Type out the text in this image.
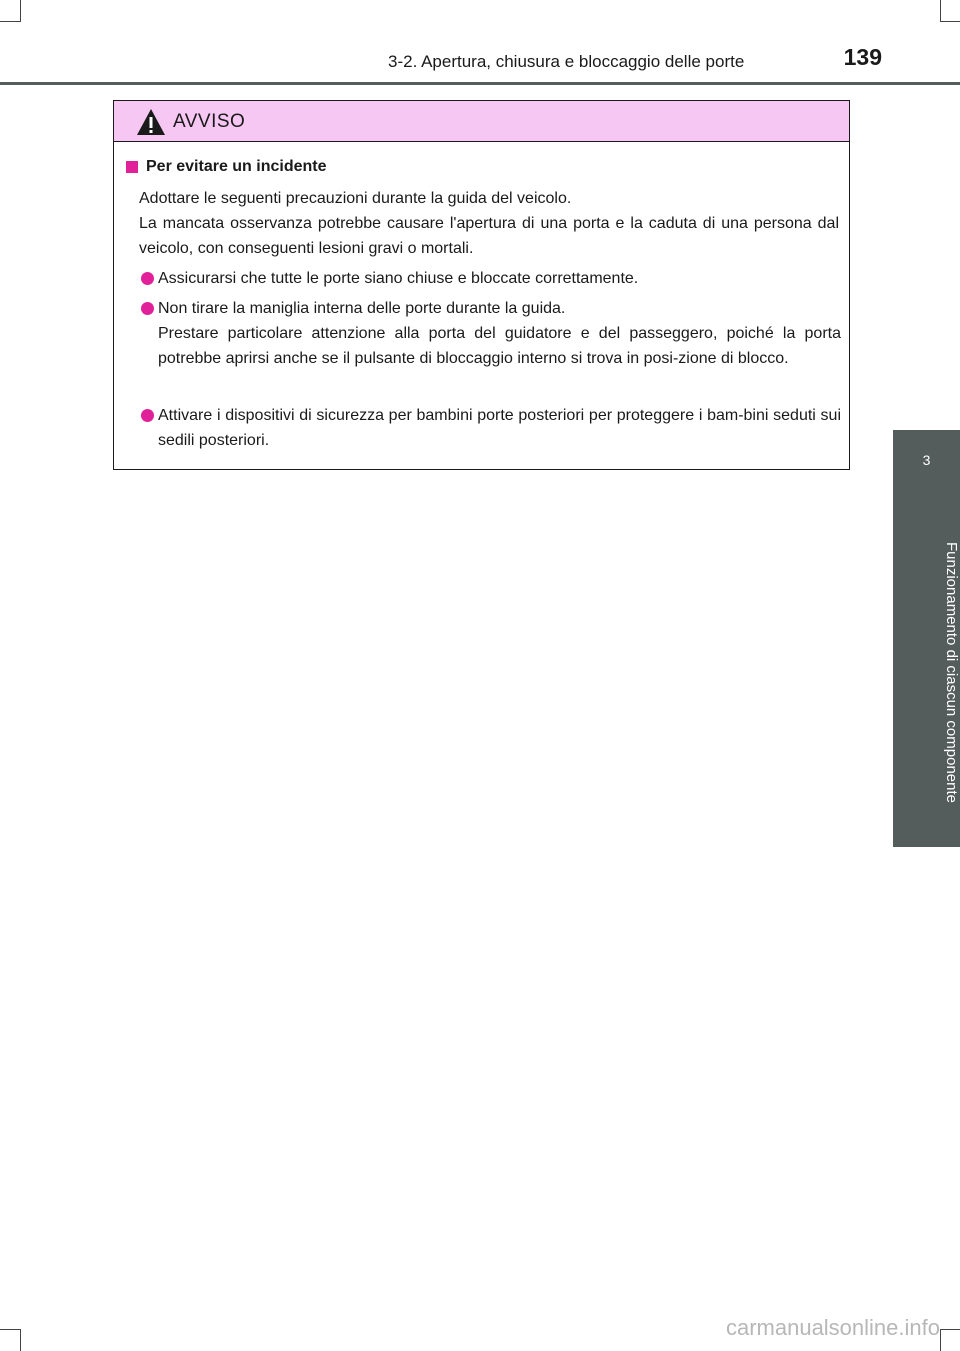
3-2. Apertura, chiusura e bloccaggio delle porte	139
3
Funzionamento di ciascun componente
AVVISO
Per evitare un incidente
Adottare le seguenti precauzioni durante la guida del veicolo.
La mancata osservanza potrebbe causare l'apertura di una porta e la caduta di una persona dal veicolo, con conseguenti lesioni gravi o mortali.
Assicurarsi che tutte le porte siano chiuse e bloccate correttamente.
Non tirare la maniglia interna delle porte durante la guida.
Prestare particolare attenzione alla porta del guidatore e del passeggero, poiché la porta potrebbe aprirsi anche se il pulsante di bloccaggio interno si trova in posi-zione di blocco.
Attivare i dispositivi di sicurezza per bambini porte posteriori per proteggere i bam-bini seduti sui sedili posteriori.
carmanualsonline.info
